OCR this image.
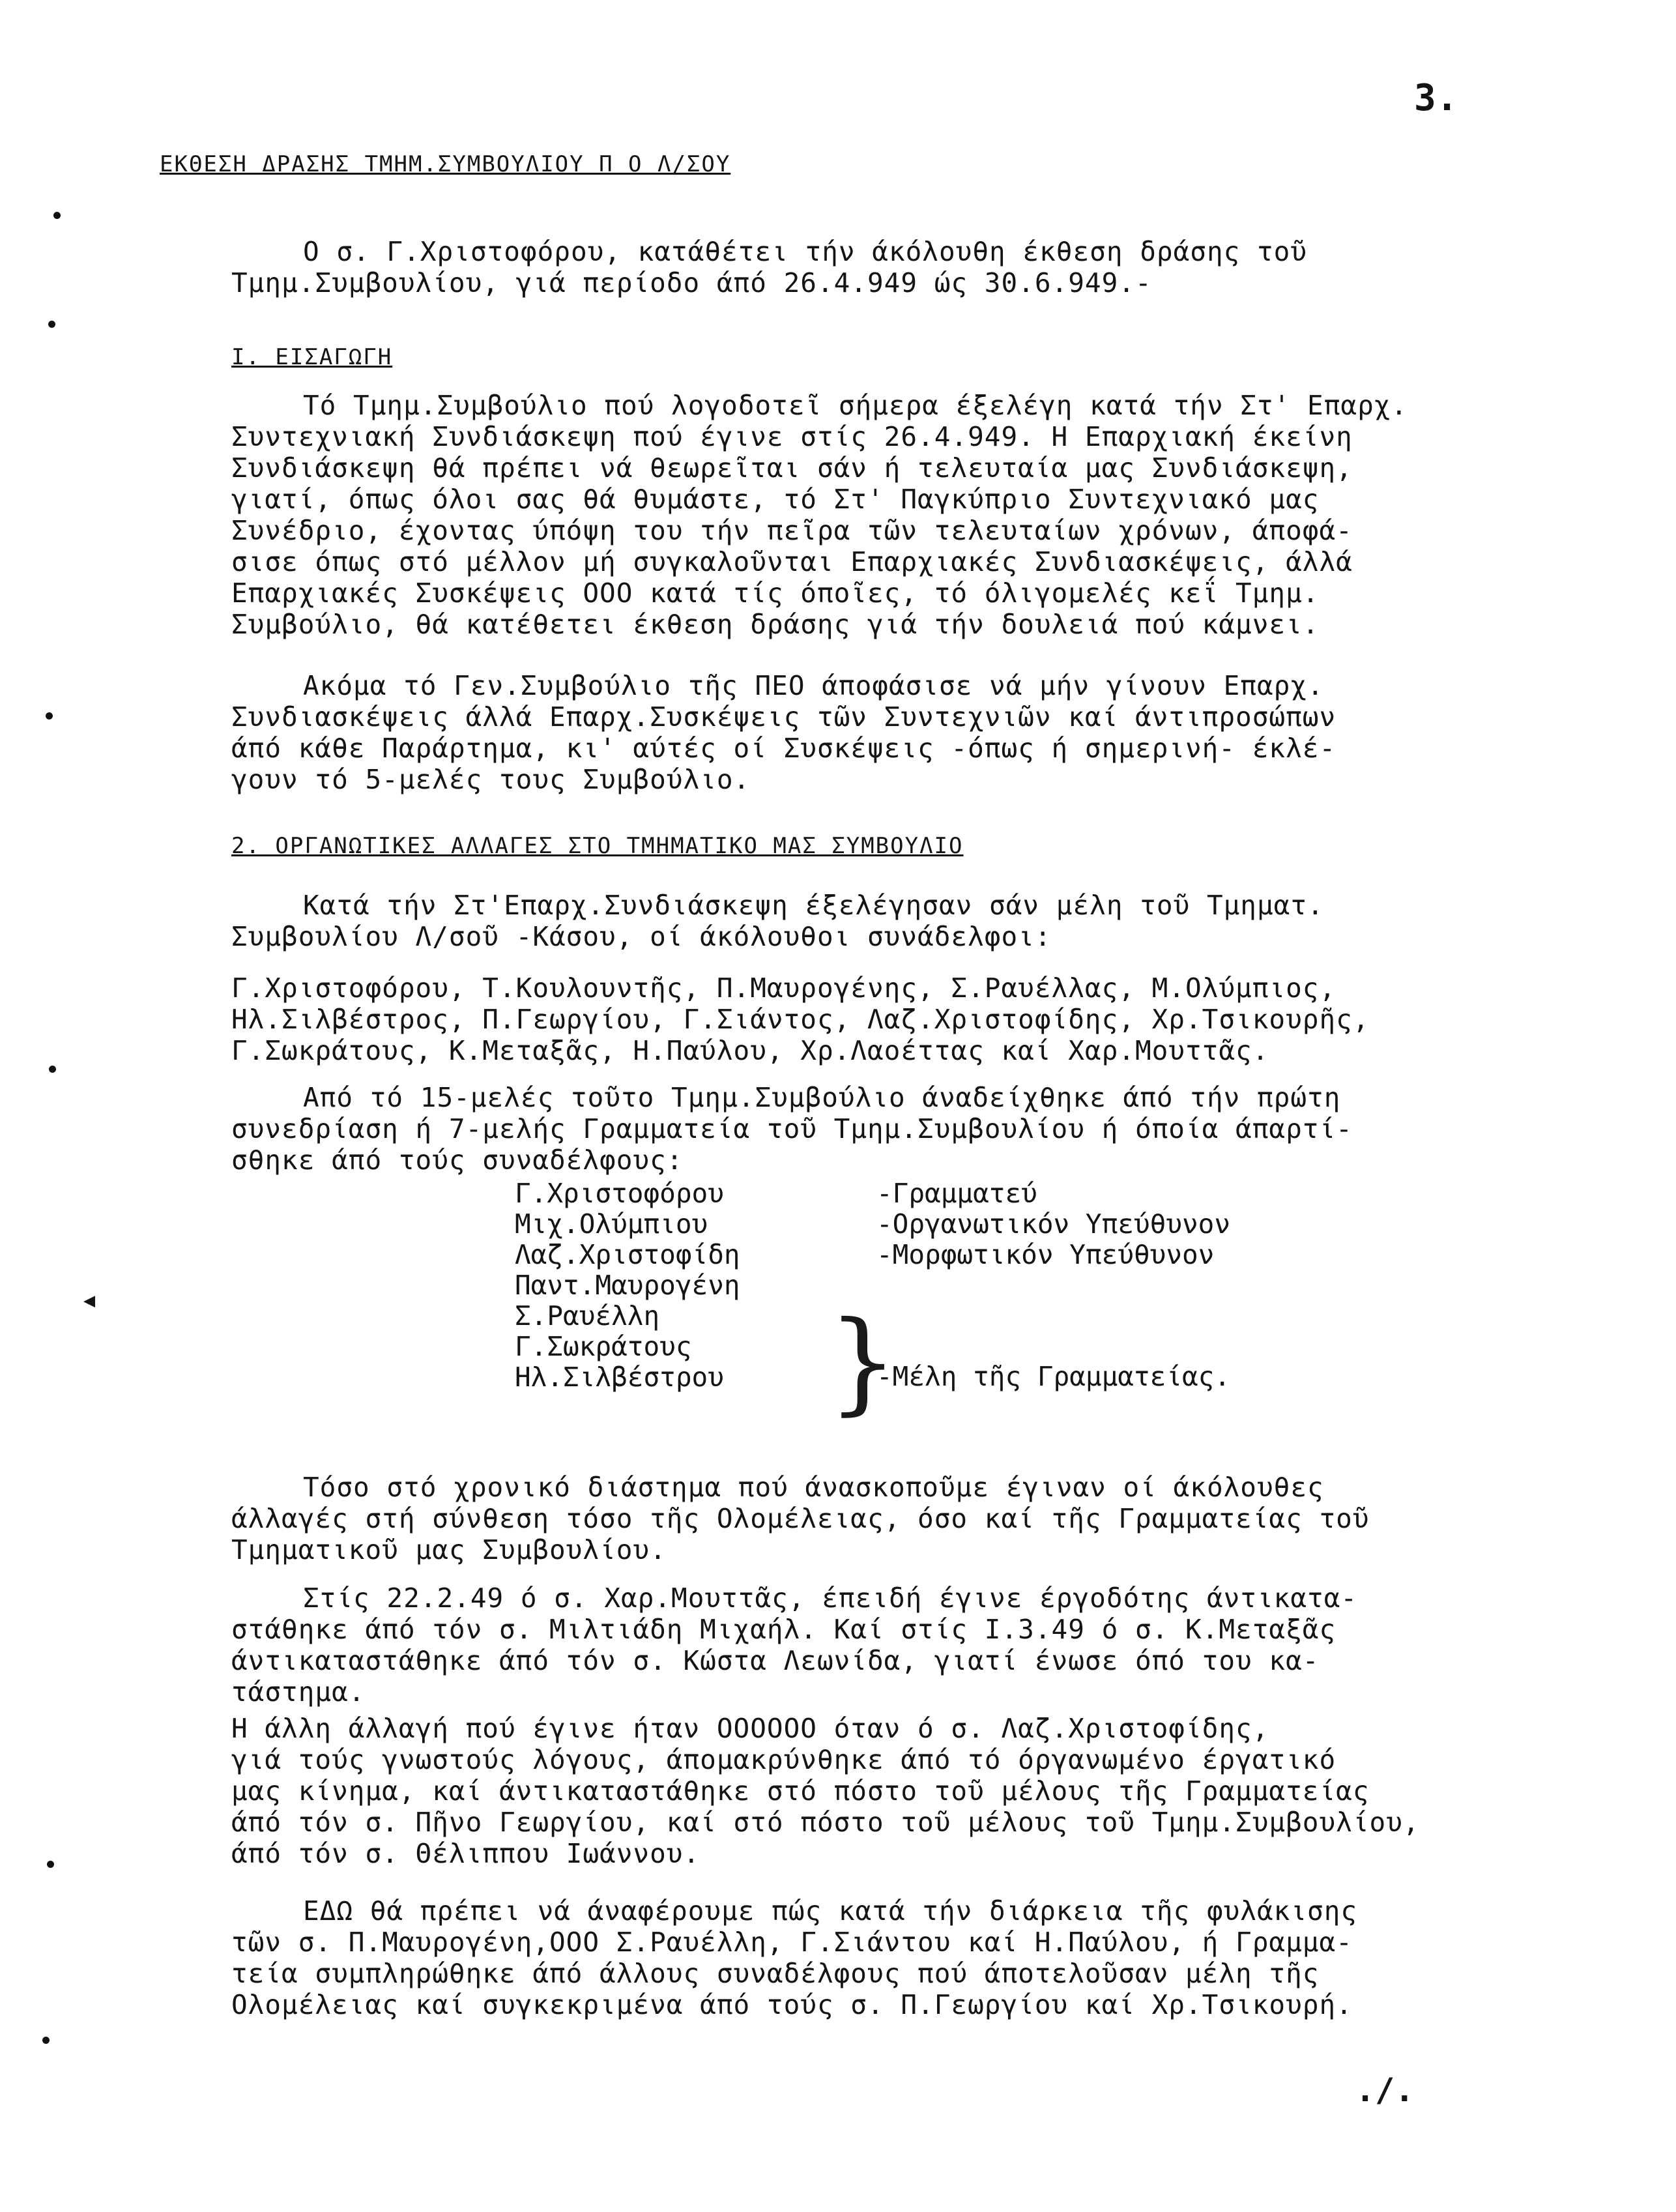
3.
ΕΚΘΕΣΗ ΔΡΑΣΗΣ ΤΜΗΜ.ΣΥΜΒΟΥΛΙΟΥ Π Ο Λ/ΣΟΥ
Ο σ. Γ.Χριστοφόρου, κατάθέτει τήν άκόλουθη έκθεση δράσης τοῦ
Τμημ.Συμβουλίου, γιά περίοδο άπό 26.4.949 ώς 30.6.949.-
Ι. ΕΙΣΑΓΩΓΗ
Τό Τμημ.Συμβούλιο πού λογοδοτεῖ σήμερα έξελέγη κατά τήν Στ' Επαρχ.
Συντεχνιακή Συνδιάσκεψη πού έγινε στίς 26.4.949. Η Επαρχιακή έκείνη
Συνδιάσκεψη θά πρέπει νά θεωρεῖται σάν ή τελευταία μας Συνδιάσκεψη,
γιατί, όπως όλοι σας θά θυμάστε, τό Στ' Παγκύπριο Συντεχνιακό μας
Συνέδριο, έχοντας ύπόψη του τήν πεῖρα τῶν τελευταίων χρόνων, άποφά-
σισε όπως στό μέλλον μή συγκαλοῦνται Επαρχιακές Συνδιασκέψεις, άλλά
Επαρχιακές Συσκέψεις ΟΟΟ κατά τίς όποῖες, τό όλιγομελές κεΐ Τμημ.
Συμβούλιο, θά κατέθετει έκθεση δράσης γιά τήν δουλειά πού κάμνει.
Ακόμα τό Γεν.Συμβούλιο τῆς ΠΕΟ άποφάσισε νά μήν γίνουν Επαρχ.
Συνδιασκέψεις άλλά Επαρχ.Συσκέψεις τῶν Συντεχνιῶν καί άντιπροσώπων
άπό κάθε Παράρτημα, κι' αύτές οί Συσκέψεις -όπως ή σημερινή- έκλέ-
γουν τό 5-μελές τους Συμβούλιο.
2. ΟΡΓΑΝΩΤΙΚΕΣ ΑΛΛΑΓΕΣ ΣΤΟ ΤΜΗΜΑΤΙΚΟ ΜΑΣ ΣΥΜΒΟΥΛΙΟ
Κατά τήν Στ'Επαρχ.Συνδιάσκεψη έξελέγησαν σάν μέλη τοῦ Τμηματ.
Συμβουλίου Λ/σοῦ -Κάσου, οί άκόλουθοι συνάδελφοι:
Γ.Χριστοφόρου, Τ.Κουλουντῆς, Π.Μαυρογένης, Σ.Ραυέλλας, Μ.Ολύμπιος,
Ηλ.Σιλβέστρος, Π.Γεωργίου, Γ.Σιάντος, Λαζ.Χριστοφίδης, Χρ.Τσικουρῆς,
Γ.Σωκράτους, Κ.Μεταξᾶς, Η.Παύλου, Χρ.Λαοέττας καί Χαρ.Μουττᾶς.
Από τό 15-μελές τοῦτο Τμημ.Συμβούλιο άναδείχθηκε άπό τήν πρώτη
συνεδρίαση ή 7-μελής Γραμματεία τοῦ Τμημ.Συμβουλίου ή όποία άπαρτί-
σθηκε άπό τούς συναδέλφους:
Γ.Χριστοφόρου	-Γραμματεύ
Μιχ.Ολύμπιου	-Οργανωτικόν Υπεύθυνον
Λαζ.Χριστοφίδη	-Μορφωτικόν Υπεύθυνον
Παντ.Μαυρογένη
Σ.Ραυέλλη
Γ.Σωκράτους
Ηλ.Σιλβέστρου }
-Μέλη τῆς Γραμματείας.
Τόσο στό χρονικό διάστημα πού άνασκοποῦμε έγιναν οί άκόλουθες
άλλαγές στή σύνθεση τόσο τῆς Ολομέλειας, όσο καί τῆς Γραμματείας τοῦ
Τμηματικοῦ μας Συμβουλίου.
Στίς 22.2.49 ό σ. Χαρ.Μουττᾶς, έπειδή έγινε έργοδότης άντικατα-
στάθηκε άπό τόν σ. Μιλτιάδη Μιχαήλ. Καί στίς Ι.3.49 ό σ. Κ.Μεταξᾶς
άντικαταστάθηκε άπό τόν σ. Κώστα Λεωνίδα, γιατί ένωσε όπό του κα-
τάστημα.
Η άλλη άλλαγή πού έγινε ήταν ΟΟΟΟΟΟ όταν ό σ. Λαζ.Χριστοφίδης,
γιά τούς γνωστούς λόγους, άπομακρύνθηκε άπό τό όργανωμένο έργατικό
μας κίνημα, καί άντικαταστάθηκε στό πόστο τοῦ μέλους τῆς Γραμματείας
άπό τόν σ. Πῆνο Γεωργίου, καί στό πόστο τοῦ μέλους τοῦ Τμημ.Συμβουλίου,
άπό τόν σ. Θέλιππου Ιωάννου.
ΕΔΩ θά πρέπει νά άναφέρουμε πώς κατά τήν διάρκεια τῆς φυλάκισης
τῶν σ. Π.Μαυρογένη,ΟΟΟ Σ.Ραυέλλη, Γ.Σιάντου καί Η.Παύλου, ή Γραμμα-
τεία συμπληρώθηκε άπό άλλους συναδέλφους πού άποτελοῦσαν μέλη τῆς
Ολομέλειας καί συγκεκριμένα άπό τούς σ. Π.Γεωργίου καί Χρ.Τσικουρή.
./.
◀
